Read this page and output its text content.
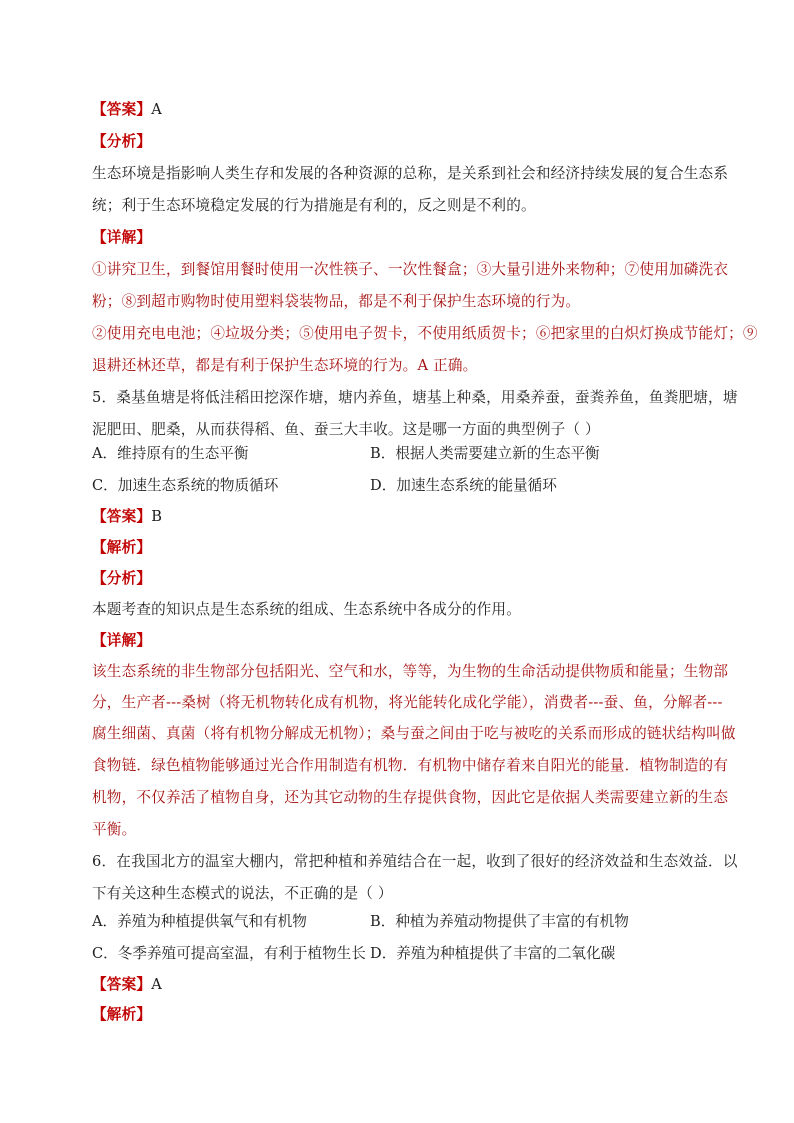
【答案】A
【分析】
生态环境是指影响人类生存和发展的各种资源的总称，是关系到社会和经济持续发展的复合生态系
统；利于生态环境稳定发展的行为措施是有利的，反之则是不利的。
【详解】
①讲究卫生，到餐馆用餐时使用一次性筷子、一次性餐盒；③大量引进外来物种；⑦使用加磷洗衣
粉；⑧到超市购物时使用塑料袋装物品，都是不利于保护生态环境的行为。
②使用充电电池；④垃圾分类；⑤使用电子贺卡，不使用纸质贺卡；⑥把家里的白炽灯换成节能灯；⑨
退耕还林还草，都是有利于保护生态环境的行为。A 正确。
5．桑基鱼塘是将低洼稻田挖深作塘，塘内养鱼，塘基上种桑，用桑养蚕，蚕粪养鱼，鱼粪肥塘，塘
泥肥田、肥桑，从而获得稻、鱼、蚕三大丰收。这是哪一方面的典型例子（ ）
A．维持原有的生态平衡	B．根据人类需要建立新的生态平衡
C．加速生态系统的物质循环	D．加速生态系统的能量循环
【答案】B
【解析】
【分析】
本题考查的知识点是生态系统的组成、生态系统中各成分的作用。
【详解】
该生态系统的非生物部分包括阳光、空气和水，等等，为生物的生命活动提供物质和能量；生物部
分，生产者---桑树（将无机物转化成有机物，将光能转化成化学能），消费者---蚕、鱼，分解者---
腐生细菌、真菌（将有机物分解成无机物）；桑与蚕之间由于吃与被吃的关系而形成的链状结构叫做
食物链．绿色植物能够通过光合作用制造有机物．有机物中储存着来自阳光的能量．植物制造的有
机物，不仅养活了植物自身，还为其它动物的生存提供食物，因此它是依据人类需要建立新的生态
平衡。
6．在我国北方的温室大棚内，常把种植和养殖结合在一起，收到了很好的经济效益和生态效益．以
下有关这种生态模式的说法，不正确的是（ ）
A．养殖为种植提供氧气和有机物	B．种植为养殖动物提供了丰富的有机物
C．冬季养殖可提高室温，有利于植物生长 D．养殖为种植提供了丰富的二氧化碳
【答案】A
【解析】
